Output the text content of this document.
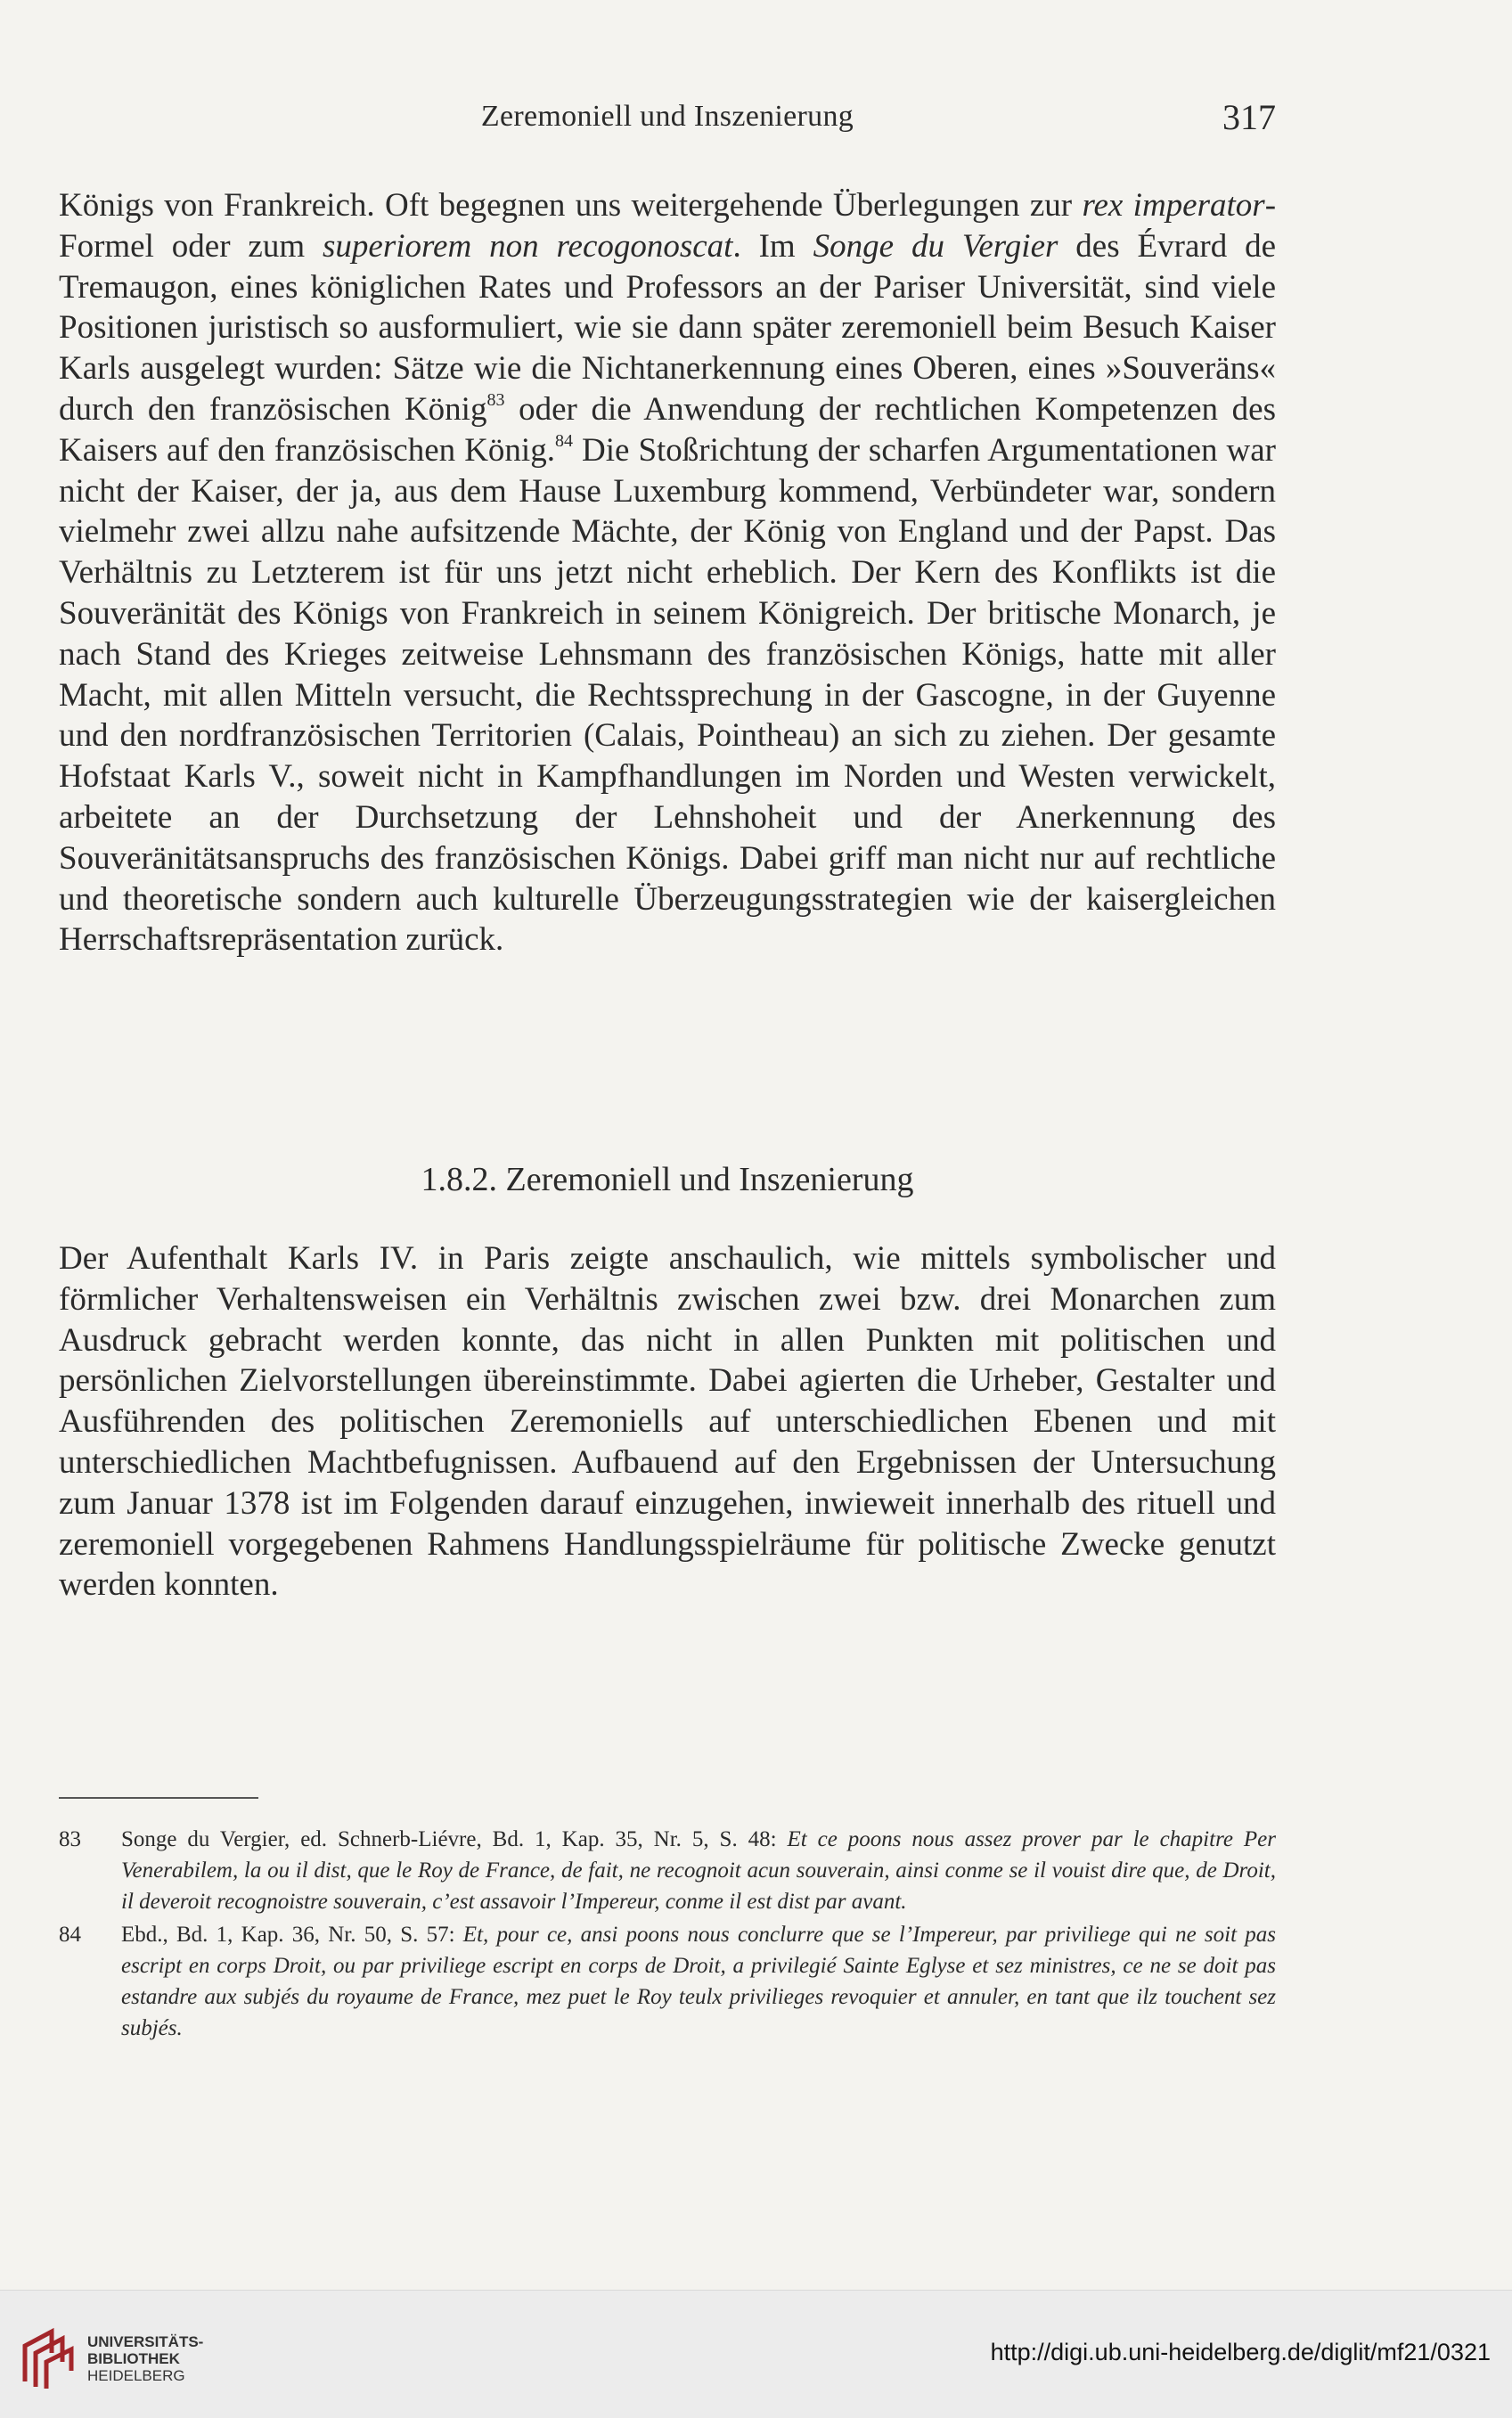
Zeremoniell und Inszenierung	317

Königs von Frankreich. Oft begegnen uns weitergehende Überlegungen zur rex imperator-Formel oder zum superiorem non recogonoscat. Im Songe du Vergier des Évrard de Tremaugon, eines königlichen Rates und Professors an der Pariser Universität, sind viele Positionen juristisch so ausformuliert, wie sie dann später zeremoniell beim Besuch Kaiser Karls ausgelegt wurden: Sätze wie die Nichtanerkennung eines Oberen, eines »Souveräns« durch den französischen König$^{83}$ oder die Anwendung der rechtlichen Kompetenzen des Kaisers auf den französischen König.$^{84}$ Die Stoßrichtung der scharfen Argumentationen war nicht der Kaiser, der ja, aus dem Hause Luxemburg kommend, Verbündeter war, sondern vielmehr zwei allzu nahe aufsitzende Mächte, der König von England und der Papst. Das Verhältnis zu Letzterem ist für uns jetzt nicht erheblich. Der Kern des Konflikts ist die Souveränität des Königs von Frankreich in seinem Königreich. Der britische Monarch, je nach Stand des Krieges zeitweise Lehnsmann des französischen Königs, hatte mit aller Macht, mit allen Mitteln versucht, die Rechtssprechung in der Gascogne, in der Guyenne und den nordfranzösischen Territorien (Calais, Pointheau) an sich zu ziehen. Der gesamte Hofstaat Karls V., soweit nicht in Kampfhandlungen im Norden und Westen verwickelt, arbeitete an der Durchsetzung der Lehnshoheit und der Anerkennung des Souveränitätsanspruchs des französischen Königs. Dabei griff man nicht nur auf rechtliche und theoretische sondern auch kulturelle Überzeugungsstrategien wie der kaisergleichen Herrschaftsrepräsentation zurück.

1.8.2. Zeremoniell und Inszenierung

Der Aufenthalt Karls IV. in Paris zeigte anschaulich, wie mittels symbolischer und förmlicher Verhaltensweisen ein Verhältnis zwischen zwei bzw. drei Monarchen zum Ausdruck gebracht werden konnte, das nicht in allen Punkten mit politischen und persönlichen Zielvorstellungen übereinstimmte. Dabei agierten die Urheber, Gestalter und Ausführenden des politischen Zeremoniells auf unterschiedlichen Ebenen und mit unterschiedlichen Machtbefugnissen. Aufbauend auf den Ergebnissen der Untersuchung zum Januar 1378 ist im Folgenden darauf einzugehen, inwieweit innerhalb des rituell und zeremoniell vorgegebenen Rahmens Handlungsspielräume für politische Zwecke genutzt werden konnten.

83 Songe du Vergier, ed. Schnerb-Liévre, Bd. 1, Kap. 35, Nr. 5, S. 48: Et ce poons nous assez prover par le chapitre Per Venerabilem, la ou il dist, que le Roy de France, de fait, ne recognoit acun souverain, ainsi conme se il vouist dire que, de Droit, il deveroit recognoistre souverain, c’est assavoir l’Impereur, conme il est dist par avant.

84 Ebd., Bd. 1, Kap. 36, Nr. 50, S. 57: Et, pour ce, ansi poons nous conclurre que se l’Impereur, par priviliege qui ne soit pas escript en corps Droit, ou par priviliege escript en corps de Droit, a privilegié Sainte Eglyse et sez ministres, ce ne se doit pas estandre aux subjés du royaume de France, mez puet le Roy teulx privilieges revoquier et annuler, en tant que ilz touchent sez subjés.

UNIVERSITÄTS-
BIBLIOTHEK
HEIDELBERG
http://digi.ub.uni-heidelberg.de/diglit/mf21/0321
